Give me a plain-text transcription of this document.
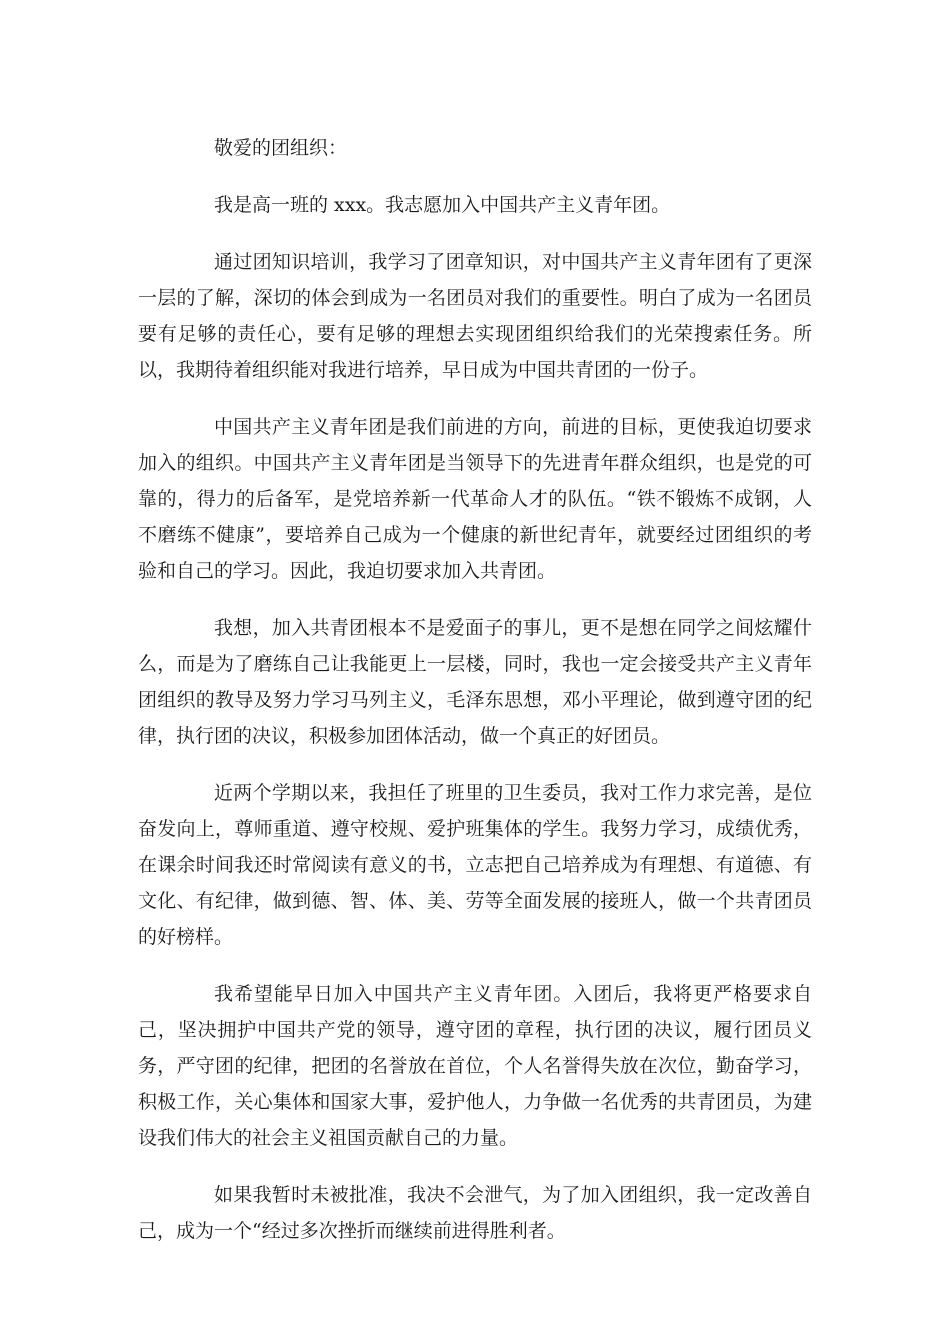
敬爱的团组织：

我是高一班的 xxx。我志愿加入中国共产主义青年团。

通过团知识培训，我学习了团章知识，对中国共产主义青年团有了更深一层的了解，深切的体会到成为一名团员对我们的重要性。明白了成为一名团员要有足够的责任心，要有足够的理想去实现团组织给我们的光荣搜索任务。所以，我期待着组织能对我进行培养，早日成为中国共青团的一份子。

中国共产主义青年团是我们前进的方向，前进的目标，更使我迫切要求加入的组织。中国共产主义青年团是当领导下的先进青年群众组织，也是党的可靠的，得力的后备军，是党培养新一代革命人才的队伍。“铁不锻炼不成钢，人不磨练不健康”，要培养自己成为一个健康的新世纪青年，就要经过团组织的考验和自己的学习。因此，我迫切要求加入共青团。

我想，加入共青团根本不是爱面子的事儿，更不是想在同学之间炫耀什么，而是为了磨练自己让我能更上一层楼，同时，我也一定会接受共产主义青年团组织的教导及努力学习马列主义，毛泽东思想，邓小平理论，做到遵守团的纪律，执行团的决议，积极参加团体活动，做一个真正的好团员。

近两个学期以来，我担任了班里的卫生委员，我对工作力求完善，是位奋发向上，尊师重道、遵守校规、爱护班集体的学生。我努力学习，成绩优秀，在课余时间我还时常阅读有意义的书，立志把自己培养成为有理想、有道德、有文化、有纪律，做到德、智、体、美、劳等全面发展的接班人，做一个共青团员的好榜样。

我希望能早日加入中国共产主义青年团。入团后，我将更严格要求自己，坚决拥护中国共产党的领导，遵守团的章程，执行团的决议，履行团员义务，严守团的纪律，把团的名誉放在首位，个人名誉得失放在次位，勤奋学习，积极工作，关心集体和国家大事，爱护他人，力争做一名优秀的共青团员，为建设我们伟大的社会主义祖国贡献自己的力量。

如果我暂时未被批准，我决不会泄气，为了加入团组织，我一定改善自己，成为一个“经过多次挫折而继续前进得胜利者。
